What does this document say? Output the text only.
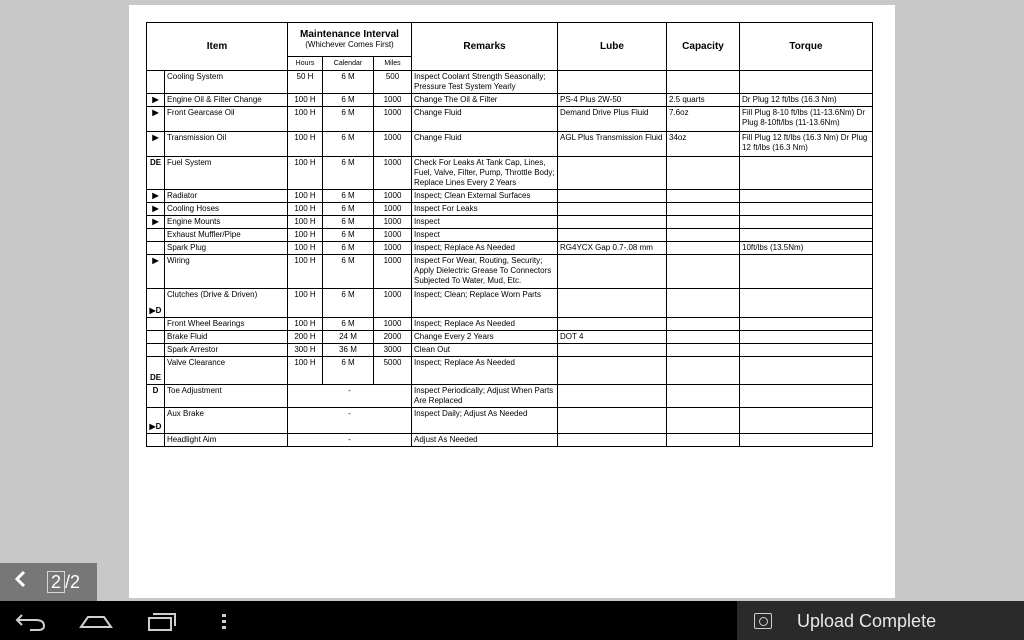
Item		Maintenance Interval
(Whichever Comes First)			Remarks	Lube	Capacity	Torque
		Hours	Calendar	Miles				
	Cooling System	50 H	6 M	500	Inspect Coolant Strength Seasonally; Pressure Test System Yearly			
▶	Engine Oil & Filter Change	100 H	6 M	1000	Change The Oil & Filter	PS-4 Plus 2W-50	2.5 quarts	Dr Plug 12 ft/lbs (16.3 Nm)
▶	Front Gearcase Oil	100 H	6 M	1000	Change Fluid	Demand Drive Plus Fluid	7.6oz	Fill Plug 8-10 ft/lbs (11-13.6Nm) Dr Plug 8-10ft/lbs (11-13.6Nm)
▶	Transmission Oil	100 H	6 M	1000	Change Fluid	AGL Plus Transmission Fluid	34oz	Fill Plug 12 ft/lbs (16.3 Nm) Dr Plug 12 ft/lbs (16.3 Nm)
DE	Fuel System	100 H	6 M	1000	Check For Leaks At Tank Cap, Lines, Fuel, Valve, Filter, Pump, Throttle Body; Replace Lines Every 2 Years			
▶	Radiator	100 H	6 M	1000	Inspect; Clean External Surfaces			
▶	Cooling Hoses	100 H	6 M	1000	Inspect For Leaks			
▶	Engine Mounts	100 H	6 M	1000	Inspect			
	Exhaust Muffler/Pipe	100 H	6 M	1000	Inspect			
	Spark Plug	100 H	6 M	1000	Inspect; Replace As Needed	RG4YCX Gap 0.7-.08 mm		10ft/lbs (13.5Nm)
▶	Wiring	100 H	6 M	1000	Inspect For Wear, Routing, Security; Apply Dielectric Grease To Connectors Subjected To Water, Mud, Etc.			
▶D	Clutches (Drive & Driven)	100 H	6 M	1000	Inspect; Clean; Replace Worn Parts			
	Front Wheel Bearings	100 H	6 M	1000	Inspect; Replace As Needed			
	Brake Fluid	200 H	24 M	2000	Change Every 2 Years	DOT 4		
	Spark Arrestor	300 H	36 M	3000	Clean Out			
DE	Valve Clearance	100 H	6 M	5000	Inspect; Replace As Needed			
D	Toe Adjustment	-			Inspect Periodically; Adjust When Parts Are Replaced			
▶D	Aux Brake	-			Inspect Daily; Adjust As Needed			
	Headlight Aim	-			Adjust As Needed			
2 /2
Upload Complete
